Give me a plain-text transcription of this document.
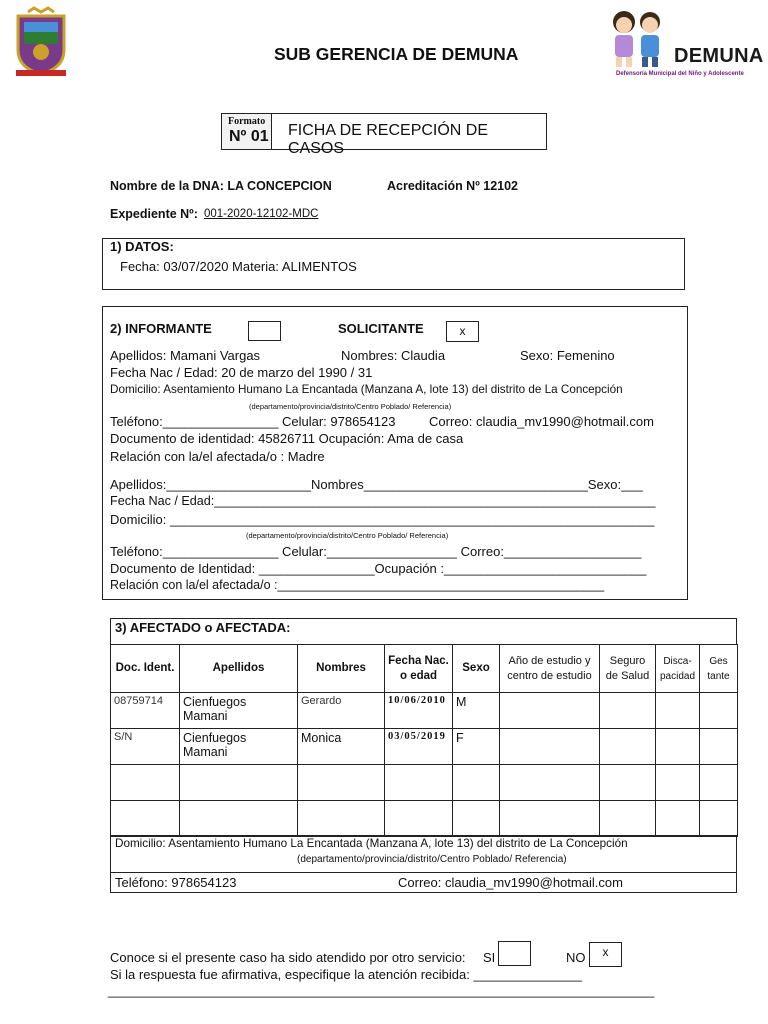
SUB GERENCIA DE DEMUNA	DEMUNA
Defensoría Municipal del Niño y Adolescente
Formato
Nº 01 FICHA DE RECEPCIÓN DE CASOS
Nombre de la DNA: LA CONCEPCION	Acreditación Nº 12102
Expediente Nº: 001-2020-12102-MDC
1) DATOS:
Fecha: 03/07/2020 Materia: ALIMENTOS
2) INFORMANTE	SOLICITANTE	x
Apellidos: Mamani Vargas	Nombres: Claudia	Sexo: Femenino
Fecha Nac / Edad: 20 de marzo del 1990 / 31
Domicilio: Asentamiento Humano La Encantada (Manzana A, lote 13) del distrito de La Concepción
(departamento/provincia/distrito/Centro Poblado/ Referencia)
Teléfono:________________ Celular: 978654123	Correo: claudia_mv1990@hotmail.com
Documento de identidad: 45826711 Ocupación: Ama de casa
Relación con la/el afectada/o : Madre
Apellidos:____________________Nombres_______________________________Sexo:___
Fecha Nac / Edad:_______________________________________________________________
Domicilio: ___________________________________________________________________
(departamento/provincia/distrito/Centro Poblado/ Referencia)
Teléfono:________________ Celular:__________________ Correo:___________________
Documento de Identidad: ________________Ocupación :____________________________
Relación con la/el afectada/o :_______________________________________________
3) AFECTADO o AFECTADA:
Doc. Ident.	Apellidos	Nombres	Fecha Nac. o edad	Sexo	Año de estudio y centro de estudio	Seguro de Salud	Disca-pacidad	Ges tante
08759714	Cienfuegos Mamani	Gerardo	10/06/2010	M				
S/N	Cienfuegos Mamani	Monica	03/05/2019	F				

Domicilio: Asentamiento Humano La Encantada (Manzana A, lote 13) del distrito de La Concepción
(departamento/provincia/distrito/Centro Poblado/ Referencia)
Teléfono: 978654123	Correo: claudia_mv1990@hotmail.com
Conoce si el presente caso ha sido atendido por otro servicio: SI	NO	x
Si la respuesta fue afirmativa, especifique la atención recibida: _______________
______________________________________________________________________________
